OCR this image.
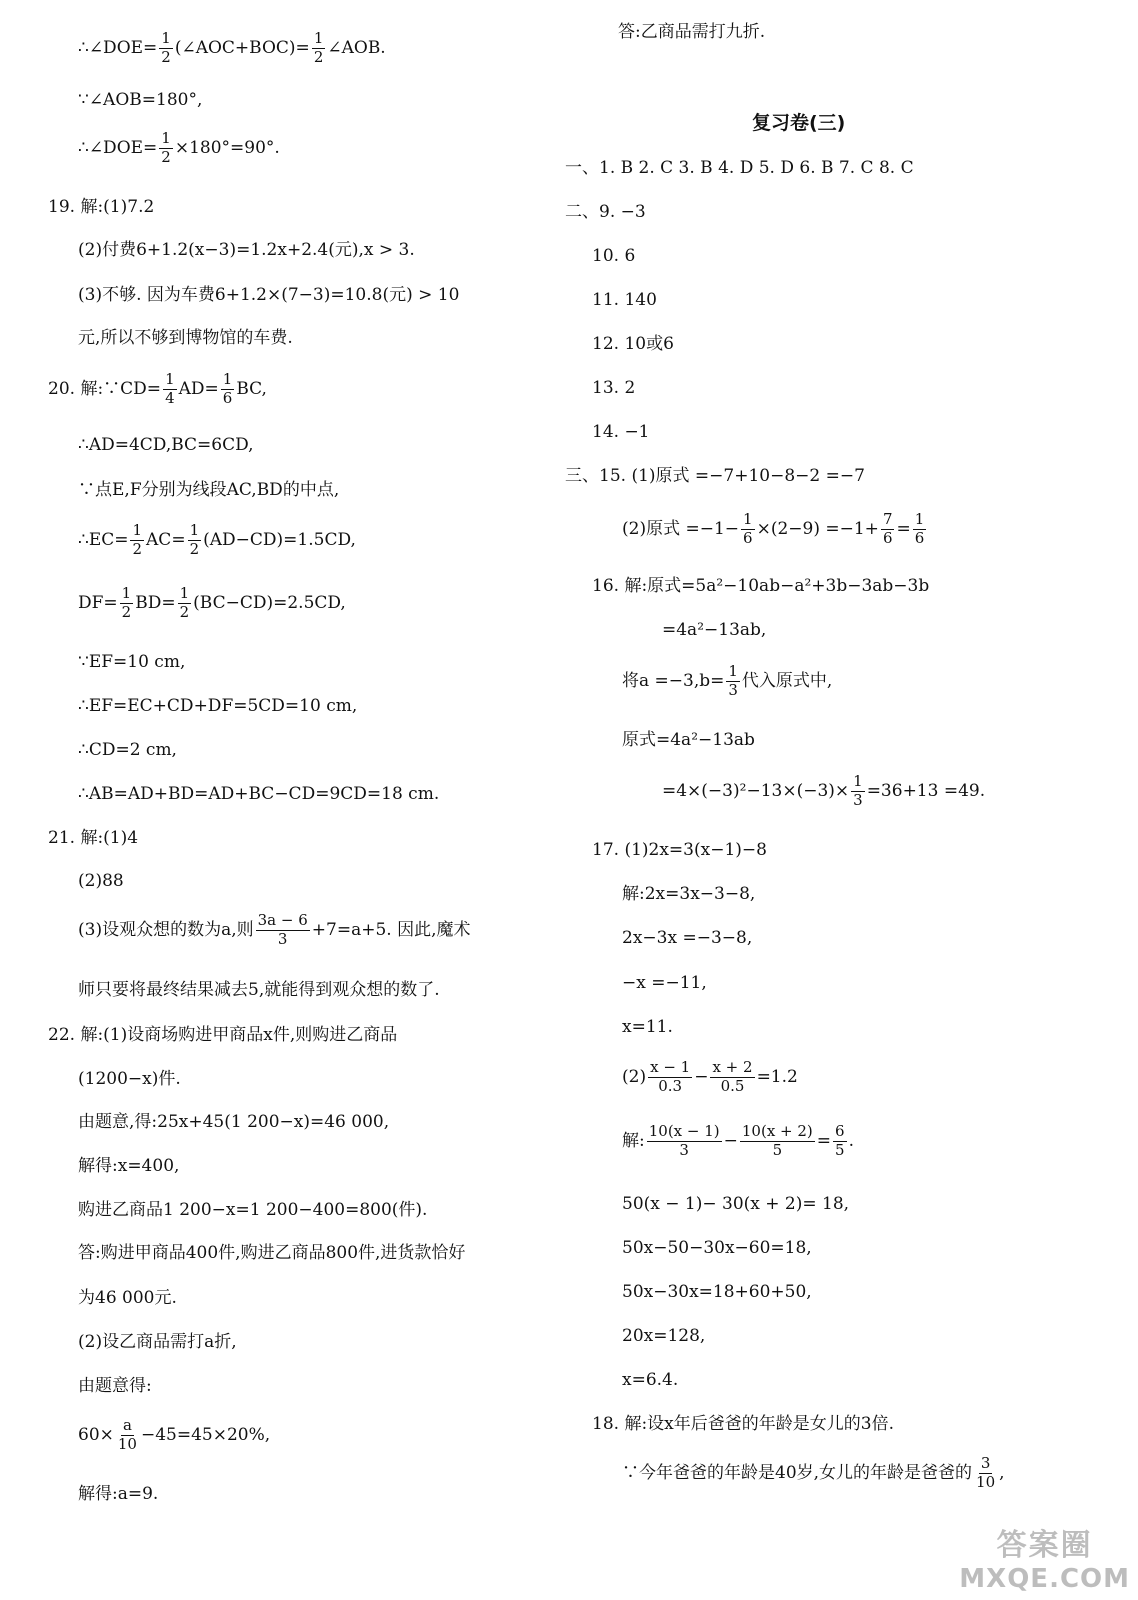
∴∠DOE= $\frac{1}{2}$ (∠AOC+BOC)= $\frac{1}{2}$ ∠AOB.
∵∠AOB=180°,
∴∠DOE= $\frac{1}{2} \times 180^\circ=90^\circ$.
19. 解:(1)7.2
(2)付费6+1.2(x−3)=1.2x+2.4(元),x > 3.
(3)不够. 因为车费6+1.2×(7−3)=10.8(元) > 10
元,所以不够到博物馆的车费.
20. 解:∵CD= $\frac{1}{4} AD= \frac{1}{6}$ BC,
∴AD=4CD,BC=6CD,
∵点E,F分别为线段AC,BD的中点,
∴EC= $\frac{1}{2} AC= \frac{1}{2} (AD-CD)=1.5CD$,
$DF= \frac{1}{2} BD= \frac{1}{2} (BC-CD)=2.5CD$,
∵EF=10 cm,
∴EF=EC+CD+DF=5CD=10 cm,
∴CD=2 cm,
∴AB=AD+BD=AD+BC−CD=9CD=18 cm.
21. 解:(1)4
(2)88
(3)设观众想的数为a,则 $\frac{3a - 6}{3} +7=a+5$. 因此,魔术
师只要将最终结果减去5,就能得到观众想的数了.
22. 解:(1)设商场购进甲商品x件,则购进乙商品
(1200−x)件.
由题意,得:25x+45(1 200−x)=46 000,
解得:x=400,
购进乙商品1 200−x=1 200−400=800(件).
答:购进甲商品400件,购进乙商品800件,进货款恰好
为46 000元.
(2)设乙商品需打a折,
由题意得:
$60\times \frac{a}{10} -45=45\times 20\%$,
解得:a=9.
答:乙商品需打九折.
复习卷(三)
一、1. B 2. C 3. B 4. D 5. D 6. B 7. C 8. C
二、9. −3
10. 6
11. 140
12. 10或6
13. 2
14. −1
三、15. (1)原式 =−7+10−8−2 =−7
(2)原式 $=-1- \frac{1}{6} \times(2-9) =-1+ \frac{7}{6} = \frac{1}{6}$
16. 解:原式=5a²−10ab−a²+3b−3ab−3b
=4a²−13ab,
将$a =-3,b= \frac{1}{3}$ 代入原式中,
原式=4a²−13ab
$=4\times(-3)^2-13\times(-3)\times \frac{1}{3} =36+13 =49$.
17. (1)2x=3(x−1)−8
解:2x=3x−3−8,
2x−3x =−3−8,
−x =−11,
x=11.
$(2) \frac{x - 1}{0.3} - \frac{x + 2}{0.5} =1.2$
解: $\frac{10(x - 1)}{3} - \frac{10(x + 2)}{5} = \frac{6}{5}$ .
50(x − 1)− 30(x + 2)= 18,
50x−50−30x−60=18,
50x−30x=18+60+50,
20x=128,
x=6.4.
18. 解:设x年后爸爸的年龄是女儿的3倍.
∵今年爸爸的年龄是40岁,女儿的年龄是爸爸的 $\frac{3}{10}$ ,
答案圈
MXQE.COM
